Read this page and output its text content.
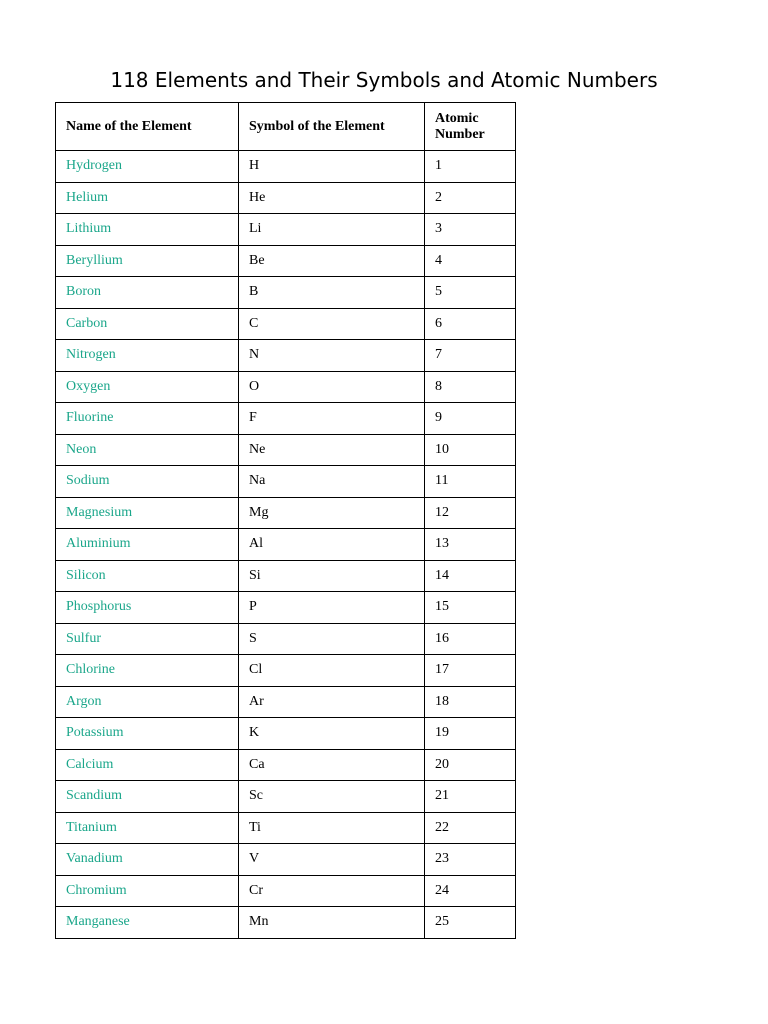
118 Elements and Their Symbols and Atomic Numbers
Name of the Element	Symbol of the Element	Atomic Number
Hydrogen	H	1
Helium	He	2
Lithium	Li	3
Beryllium	Be	4
Boron	B	5
Carbon	C	6
Nitrogen	N	7
Oxygen	O	8
Fluorine	F	9
Neon	Ne	10
Sodium	Na	11
Magnesium	Mg	12
Aluminium	Al	13
Silicon	Si	14
Phosphorus	P	15
Sulfur	S	16
Chlorine	Cl	17
Argon	Ar	18
Potassium	K	19
Calcium	Ca	20
Scandium	Sc	21
Titanium	Ti	22
Vanadium	V	23
Chromium	Cr	24
Manganese	Mn	25
